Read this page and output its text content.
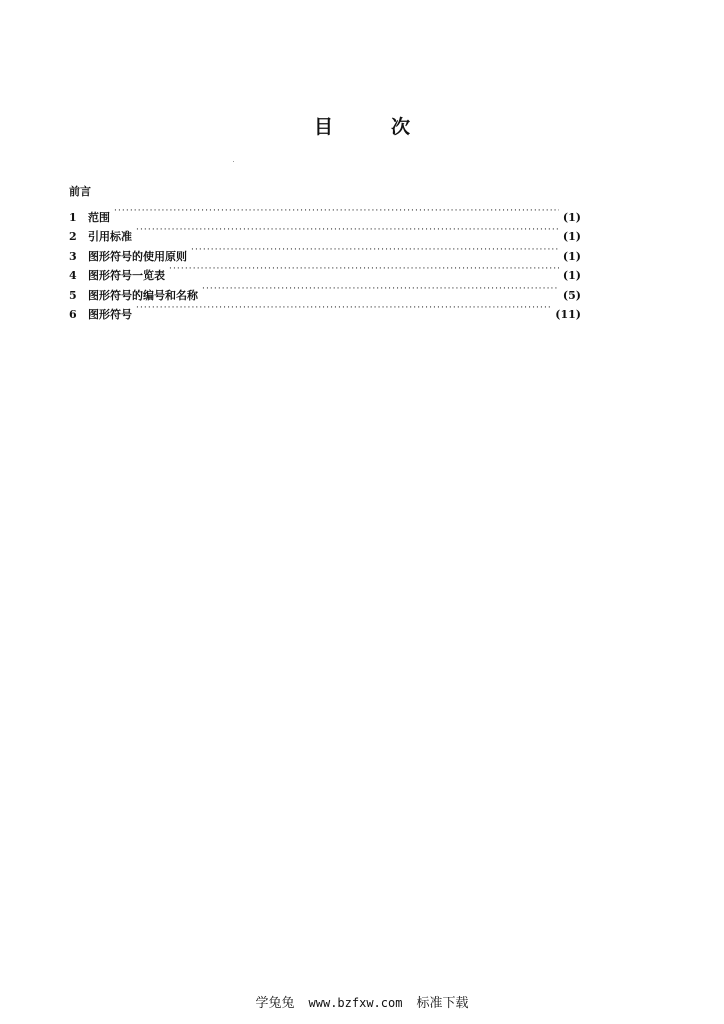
目次
前言
1	范围 ·····	(1)
2	引用标准 ·····	(1)
3	图形符号的使用原则 ·····	(1)
4	图形符号一览表 ·····	(1)
5	图形符号的编号和名称 ·····	(5)
6	图形符号 ·····	(11)
学兔兔 www.bzfxw.com 标准下载
